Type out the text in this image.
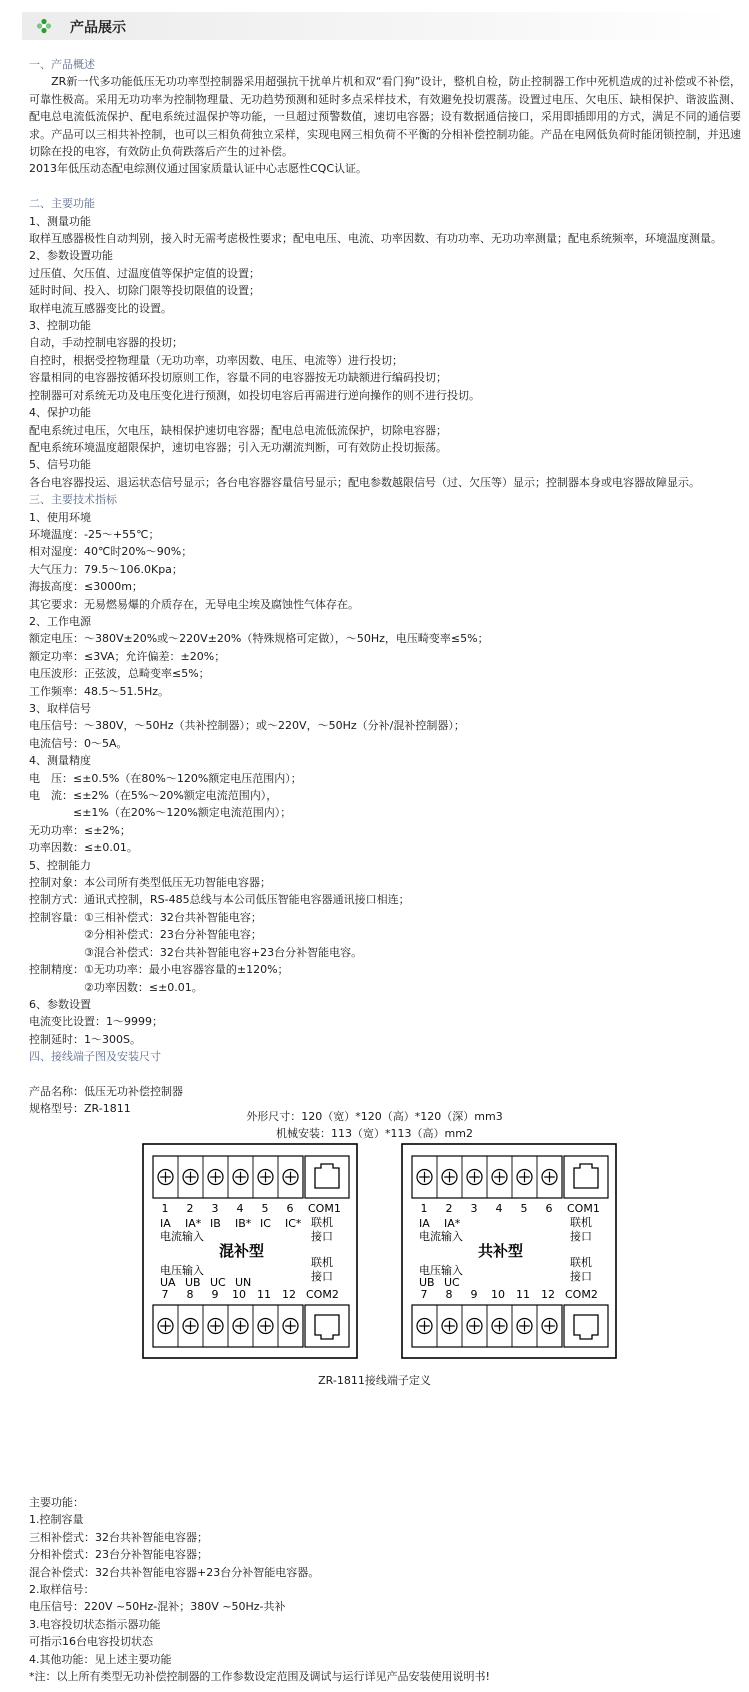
产品展示

一、产品概述

　　ZR新一代多功能低压无功功率型控制器采用超强抗干扰单片机和双“看门狗”设计，整机自检，防止控制器工作中死机造成的过补偿或不补偿，可靠性极高。采用无功功率为控制物理量、无功趋势预测和延时多点采样技术，有效避免投切震荡。设置过电压、欠电压、缺相保护、谐波监测、配电总电流低流保护、配电系统过温保护等功能，一旦超过预警数值，速切电容器；设有数据通信接口，采用即插即用的方式，满足不同的通信要求。产品可以三相共补控制，也可以三相负荷独立采样，实现电网三相负荷不平衡的分相补偿控制功能。产品在电网低负荷时能闭锁控制，并迅速切除在投的电容，有效防止负荷跌落后产生的过补偿。

2013年低压动态配电综测仪通过国家质量认证中心志愿性CQC认证。

二、主要功能

1、测量功能

取样互感器极性自动判别，接入时无需考虑极性要求；配电电压、电流、功率因数、有功功率、无功功率测量；配电系统频率，环境温度测量。

2、参数设置功能

过压值、欠压值、过温度值等保护定值的设置；

延时时间、投入、切除门限等投切限值的设置；

取样电流互感器变比的设置。

3、控制功能

自动，手动控制电容器的投切；

自控时，根据受控物理量（无功功率，功率因数、电压、电流等）进行投切；

容量相同的电容器按循环投切原则工作，容量不同的电容器按无功缺额进行编码投切；

控制器可对系统无功及电压变化进行预测，如投切电容后再需进行逆向操作的则不进行投切。

4、保护功能

配电系统过电压，欠电压，缺相保护速切电容器；配电总电流低流保护，切除电容器；

配电系统环境温度超限保护，速切电容器；引入无功潮流判断，可有效防止投切振荡。

5、信号功能

各台电容器投运、退运状态信号显示；各台电容器容量信号显示；配电参数越限信号（过、欠压等）显示；控制器本身或电容器故障显示。

三、主要技术指标

1、使用环境

环境温度：-25～+55℃；

相对湿度：40℃时20%～90%；

大气压力：79.5～106.0Kpa；

海拔高度：≤3000m；

其它要求：无易燃易爆的介质存在，无导电尘埃及腐蚀性气体存在。

2、工作电源

额定电压：～380V±20%或～220V±20%（特殊规格可定做），～50Hz，电压畸变率≤5%；

额定功率：≤3VA；允许偏差：±20%；

电压波形：正弦波，总畸变率≤5%；

工作频率：48.5～51.5Hz。

3、取样信号

电压信号：～380V，～50Hz（共补控制器）；或～220V，～50Hz（分补/混补控制器）；

电流信号：0～5A。

4、测量精度

电　压：≤±0.5%（在80%～120%额定电压范围内）；

电　流：≤±2%（在5%～20%额定电流范围内），

　　　　≤±1%（在20%～120%额定电流范围内）；

无功功率：≤±2%；

功率因数：≤±0.01。

5、控制能力

控制对象：本公司所有类型低压无功智能电容器；

控制方式：通讯式控制，RS-485总线与本公司低压智能电容器通讯接口相连；

控制容量：①三相补偿式：32台共补智能电容；

　　　　　②分相补偿式：23台分补智能电容；

　　　　　③混合补偿式：32台共补智能电容+23台分补智能电容。

控制精度：①无功功率：最小电容器容量的±120%；

　　　　　②功率因数：≤±0.01。

6、参数设置

电流变比设置：1～9999；

控制延时：1～300S。

四、接线端子图及安装尺寸

产品名称：低压无功补偿控制器

规格型号：ZR-1811

外形尺寸：120（宽）*120（高）*120（深）mm3
机械安装：113（宽）*113（高）mm2
1 2 3 4 5 6 COM1
7 8 9 10 11 12 COM2
IA IA* IB IB* IC IC*
电流输入
电压输入
UA UB UC UN
混补型
联机
接口
联机
接口
1 2 3 4 5 6 COM1
7 8 9 10 11 12 COM2
IA IA*
电流输入
电压输入
UB UC
共补型
联机
接口
联机
接口
ZR-1811接线端子定义

主要功能：

1.控制容量

三相补偿式：32台共补智能电容器；

分相补偿式：23台分补智能电容器；

混合补偿式：32台共补智能电容器+23台分补智能电容器。

2.取样信号：

电压信号：220V ~50Hz-混补；380V ~50Hz-共补

3.电容投切状态指示器功能

可指示16台电容投切状态

4.其他功能：见上述主要功能

*注：以上所有类型无功补偿控制器的工作参数设定范围及调试与运行详见产品安装使用说明书!
